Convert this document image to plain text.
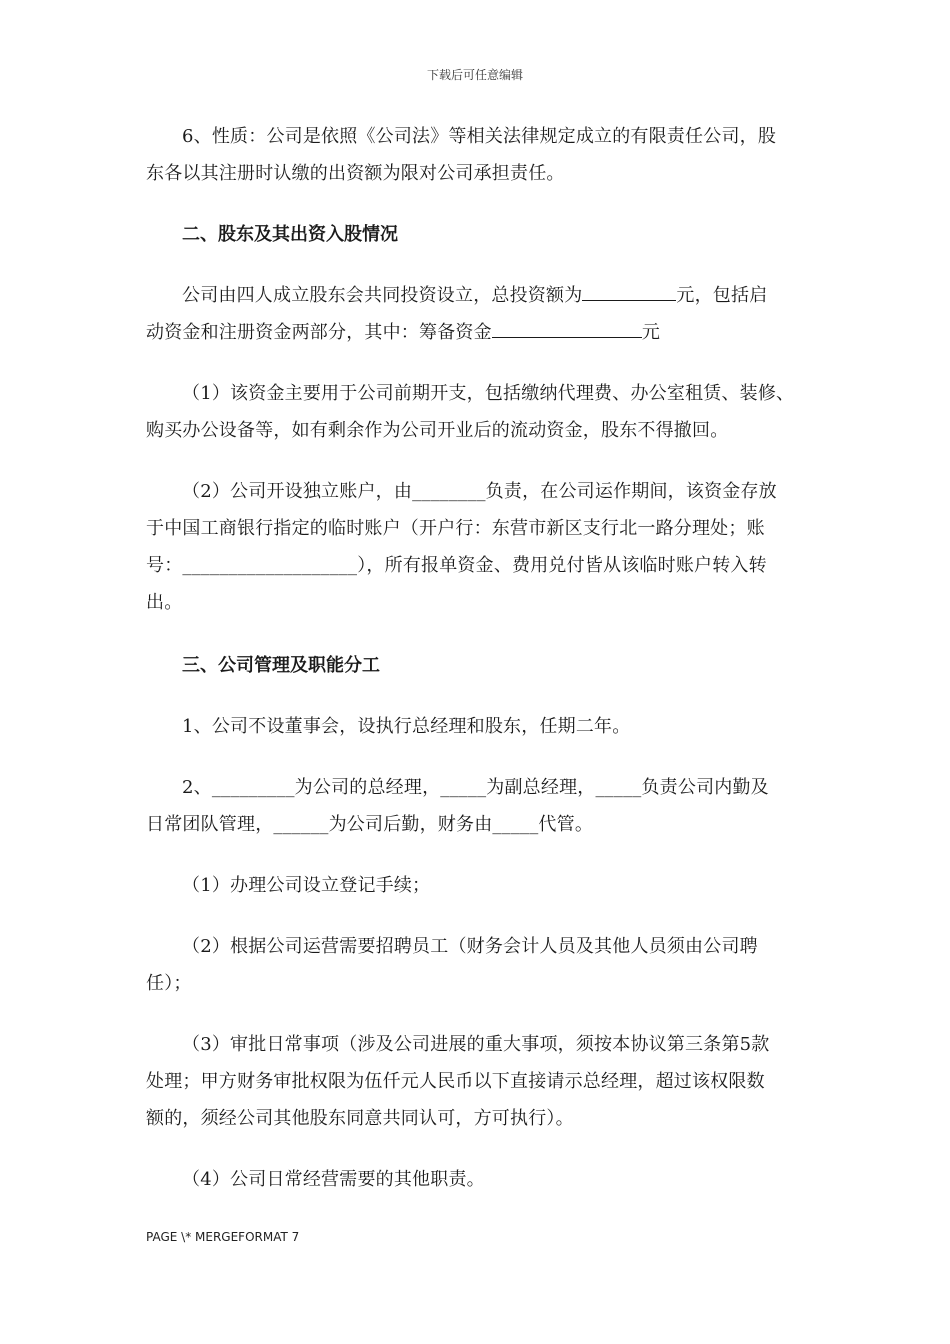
下载后可任意编辑

6、性质：公司是依照《公司法》等相关法律规定成立的有限责任公司，股

东各以其注册时认缴的出资额为限对公司承担责任。

二、股东及其出资入股情况

公司由四人成立股东会共同投资设立，总投资额为	元，包括启

动资金和注册资金两部分，其中：筹备资金	元

（1）该资金主要用于公司前期开支，包括缴纳代理费、办公室租赁、装修、

购买办公设备等，如有剩余作为公司开业后的流动资金，股东不得撤回。

（2）公司开设独立账户，由________负责，在公司运作期间，该资金存放

于中国工商银行指定的临时账户（开户行：东营市新区支行北一路分理处；账

号：___________________），所有报单资金、费用兑付皆从该临时账户转入转

出。

三、公司管理及职能分工

1、公司不设董事会，设执行总经理和股东，任期二年。

2、_________为公司的总经理，_____为副总经理，_____负责公司内勤及

日常团队管理，______为公司后勤，财务由_____代管。

（1）办理公司设立登记手续；

（2）根据公司运营需要招聘员工（财务会计人员及其他人员须由公司聘

任）；

（3）审批日常事项（涉及公司进展的重大事项，须按本协议第三条第5款

处理；甲方财务审批权限为伍仟元人民币以下直接请示总经理，超过该权限数

额的，须经公司其他股东同意共同认可，方可执行）。

（4）公司日常经营需要的其他职责。

PAGE \* MERGEFORMAT 7
